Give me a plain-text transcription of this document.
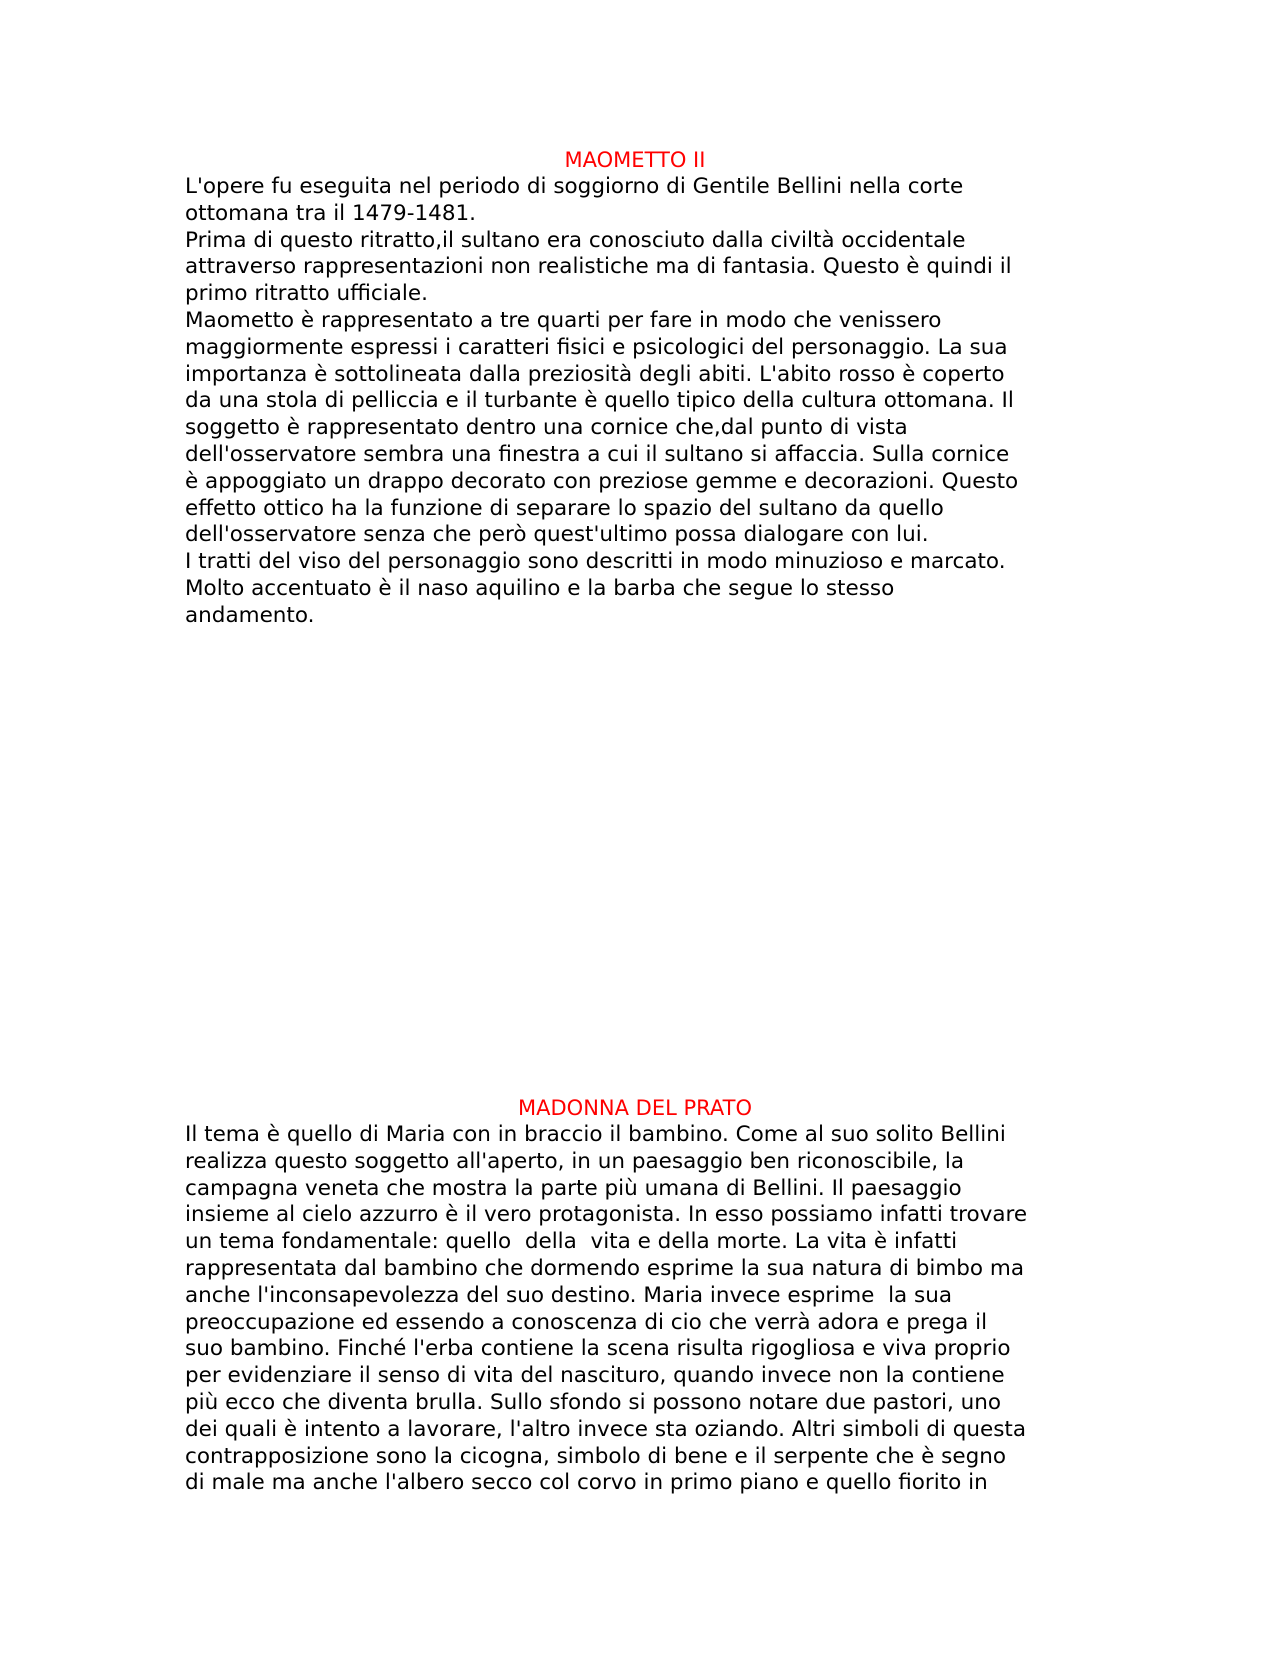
MAOMETTO II
L'opere fu eseguita nel periodo di soggiorno di Gentile Bellini nella corte
ottomana tra il 1479-1481.
Prima di questo ritratto,il sultano era conosciuto dalla civiltà occidentale
attraverso rappresentazioni non realistiche ma di fantasia. Questo è quindi il
primo ritratto ufficiale.
Maometto è rappresentato a tre quarti per fare in modo che venissero
maggiormente espressi i caratteri fisici e psicologici del personaggio. La sua
importanza è sottolineata dalla preziosità degli abiti. L'abito rosso è coperto
da una stola di pelliccia e il turbante è quello tipico della cultura ottomana. Il
soggetto è rappresentato dentro una cornice che,dal punto di vista
dell'osservatore sembra una finestra a cui il sultano si affaccia. Sulla cornice
è appoggiato un drappo decorato con preziose gemme e decorazioni. Questo
effetto ottico ha la funzione di separare lo spazio del sultano da quello
dell'osservatore senza che però quest'ultimo possa dialogare con lui.
I tratti del viso del personaggio sono descritti in modo minuzioso e marcato.
Molto accentuato è il naso aquilino e la barba che segue lo stesso
andamento.
MADONNA DEL PRATO
Il tema è quello di Maria con in braccio il bambino. Come al suo solito Bellini
realizza questo soggetto all'aperto, in un paesaggio ben riconoscibile, la
campagna veneta che mostra la parte più umana di Bellini. Il paesaggio
insieme al cielo azzurro è il vero protagonista. In esso possiamo infatti trovare
un tema fondamentale: quello  della  vita e della morte. La vita è infatti
rappresentata dal bambino che dormendo esprime la sua natura di bimbo ma
anche l'inconsapevolezza del suo destino. Maria invece esprime  la sua
preoccupazione ed essendo a conoscenza di cio che verrà adora e prega il
suo bambino. Finché l'erba contiene la scena risulta rigogliosa e viva proprio
per evidenziare il senso di vita del nascituro, quando invece non la contiene
più ecco che diventa brulla. Sullo sfondo si possono notare due pastori, uno
dei quali è intento a lavorare, l'altro invece sta oziando. Altri simboli di questa
contrapposizione sono la cicogna, simbolo di bene e il serpente che è segno
di male ma anche l'albero secco col corvo in primo piano e quello fiorito in
